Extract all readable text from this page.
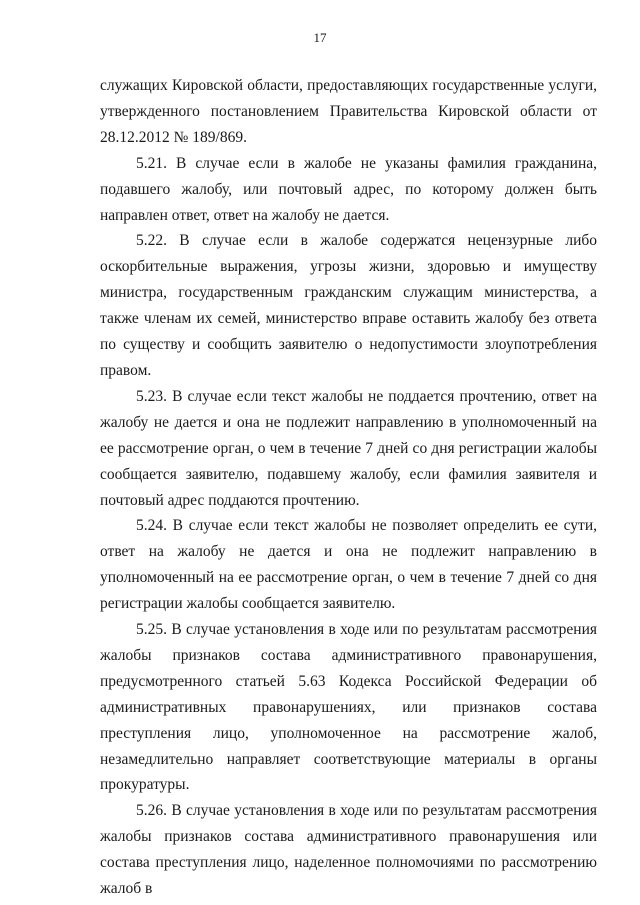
17

служащих Кировской области, предоставляющих государственные услуги, утвержденного постановлением Правительства Кировской области от 28.12.2012 № 189/869.

5.21. В случае если в жалобе не указаны фамилия гражданина, подавшего жалобу, или почтовый адрес, по которому должен быть направлен ответ, ответ на жалобу не дается.

5.22. В случае если в жалобе содержатся нецензурные либо оскорбительные выражения, угрозы жизни, здоровью и имуществу министра, государственным гражданским служащим министерства, а также членам их семей, министерство вправе оставить жалобу без ответа по существу и сообщить заявителю о недопустимости злоупотребления правом.

5.23. В случае если текст жалобы не поддается прочтению, ответ на жалобу не дается и она не подлежит направлению в уполномоченный на ее рассмотрение орган, о чем в течение 7 дней со дня регистрации жалобы сообщается заявителю, подавшему жалобу, если фамилия заявителя и почтовый адрес поддаются прочтению.

5.24. В случае если текст жалобы не позволяет определить ее сути, ответ на жалобу не дается и она не подлежит направлению в уполномоченный на ее рассмотрение орган, о чем в течение 7 дней со дня регистрации жалобы сообщается заявителю.

5.25. В случае установления в ходе или по результатам рассмотрения жалобы признаков состава административного правонарушения, предусмотренного статьей 5.63 Кодекса Российской Федерации об административных правонарушениях, или признаков состава преступления лицо, уполномоченное на рассмотрение жалоб, незамедлительно направляет соответствующие материалы в органы прокуратуры.

5.26. В случае установления в ходе или по результатам рассмотрения жалобы признаков состава административного правонарушения или состава преступления лицо, наделенное полномочиями по рассмотрению жалоб в
